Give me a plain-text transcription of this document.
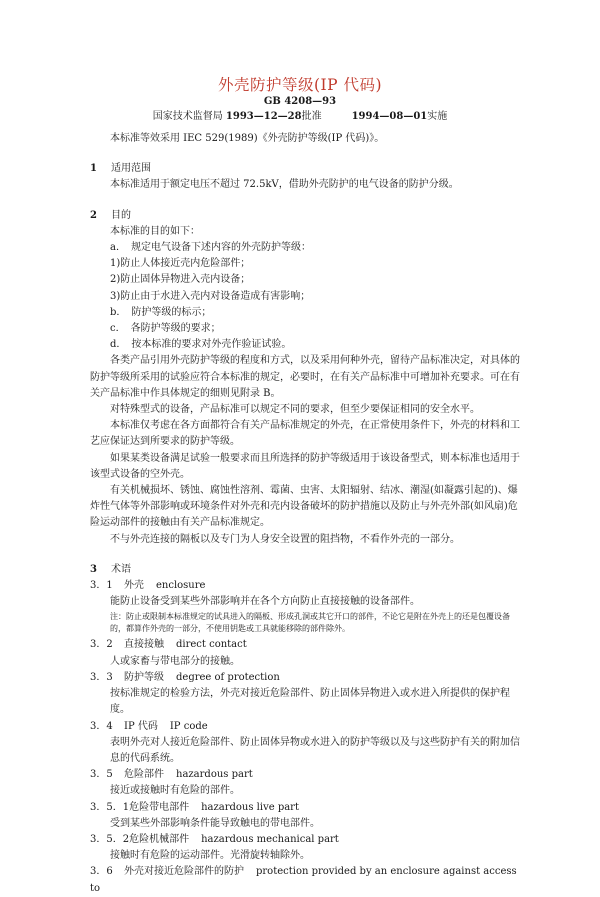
外壳防护等级(IP 代码)
GB 4208—93
国家技术监督局 1993—12—28批准	1994—08—01实施

本标准等效采用 IEC 529(1989)《外壳防护等级(IP 代码)》。

1 适用范围

本标准适用于额定电压不超过 72.5kV，借助外壳防护的电气设备的防护分级。

2 目的

本标准的目的如下：

a．　规定电气设备下述内容的外壳防护等级：

1)防止人体接近壳内危险部件；

2)防止固体异物进入壳内设备；

3)防止由于水进入壳内对设备造成有害影响；

b．　防护等级的标示；

c．　各防护等级的要求；

d．　按本标准的要求对外壳作验证试验。

各类产品引用外壳防护等级的程度和方式，以及采用何种外壳，留待产品标准决定，对具体的防护等级所采用的试验应符合本标准的规定，必要时，在有关产品标准中可增加补充要求。可在有关产品标准中作具体规定的细则见附录 B。

对特殊型式的设备，产品标准可以规定不同的要求，但至少要保证相同的安全水平。

本标准仅考虑在各方面都符合有关产品标准规定的外壳，在正常使用条件下，外壳的材料和工艺应保证达到所要求的防护等级。

如果某类设备满足试验一般要求而且所选择的防护等级适用于该设备型式，则本标准也适用于该型式设备的空外壳。

有关机械损坏、锈蚀、腐蚀性溶剂、霉菌、虫害、太阳辐射、结冰、潮湿(如凝露引起的)、爆炸性气体等外部影响或环境条件对外壳和壳内设备破坏的防护措施以及防止与外壳外部(如风扇)危险运动部件的接触由有关产品标准规定。

不与外壳连接的隔板以及专门为人身安全设置的阻挡物，不看作外壳的一部分。

3 术语

3．1 外壳 enclosure

能防止设备受到某些外部影响并在各个方向防止直接接触的设备部件。

注：防止或限制本标准规定的试具进入的隔板、形成孔洞或其它开口的部件，不论它是附在外壳上的还是包覆设备的，都算作外壳的一部分，不使用钥匙或工具就能移除的部件除外。

3．2 直接接触 direct contact

人或家畜与带电部分的接触。

3．3 防护等级 degree of protection

按标准规定的检验方法，外壳对接近危险部件、防止固体异物进入或水进入所提供的保护程度。

3．4 IP 代码 IP code

表明外壳对人接近危险部件、防止固体异物或水进入的防护等级以及与这些防护有关的附加信息的代码系统。

3．5 危险部件 hazardous part

接近或接触时有危险的部件。

3．5．1危险带电部件 hazardous live part

受到某些外部影响条件能导致触电的带电部件。

3．5．2危险机械部件 hazardous mechanical part

接触时有危险的运动部件。光滑旋转轴除外。

3．6 外壳对接近危险部件的防护 protection provided by an enclosure against access to
